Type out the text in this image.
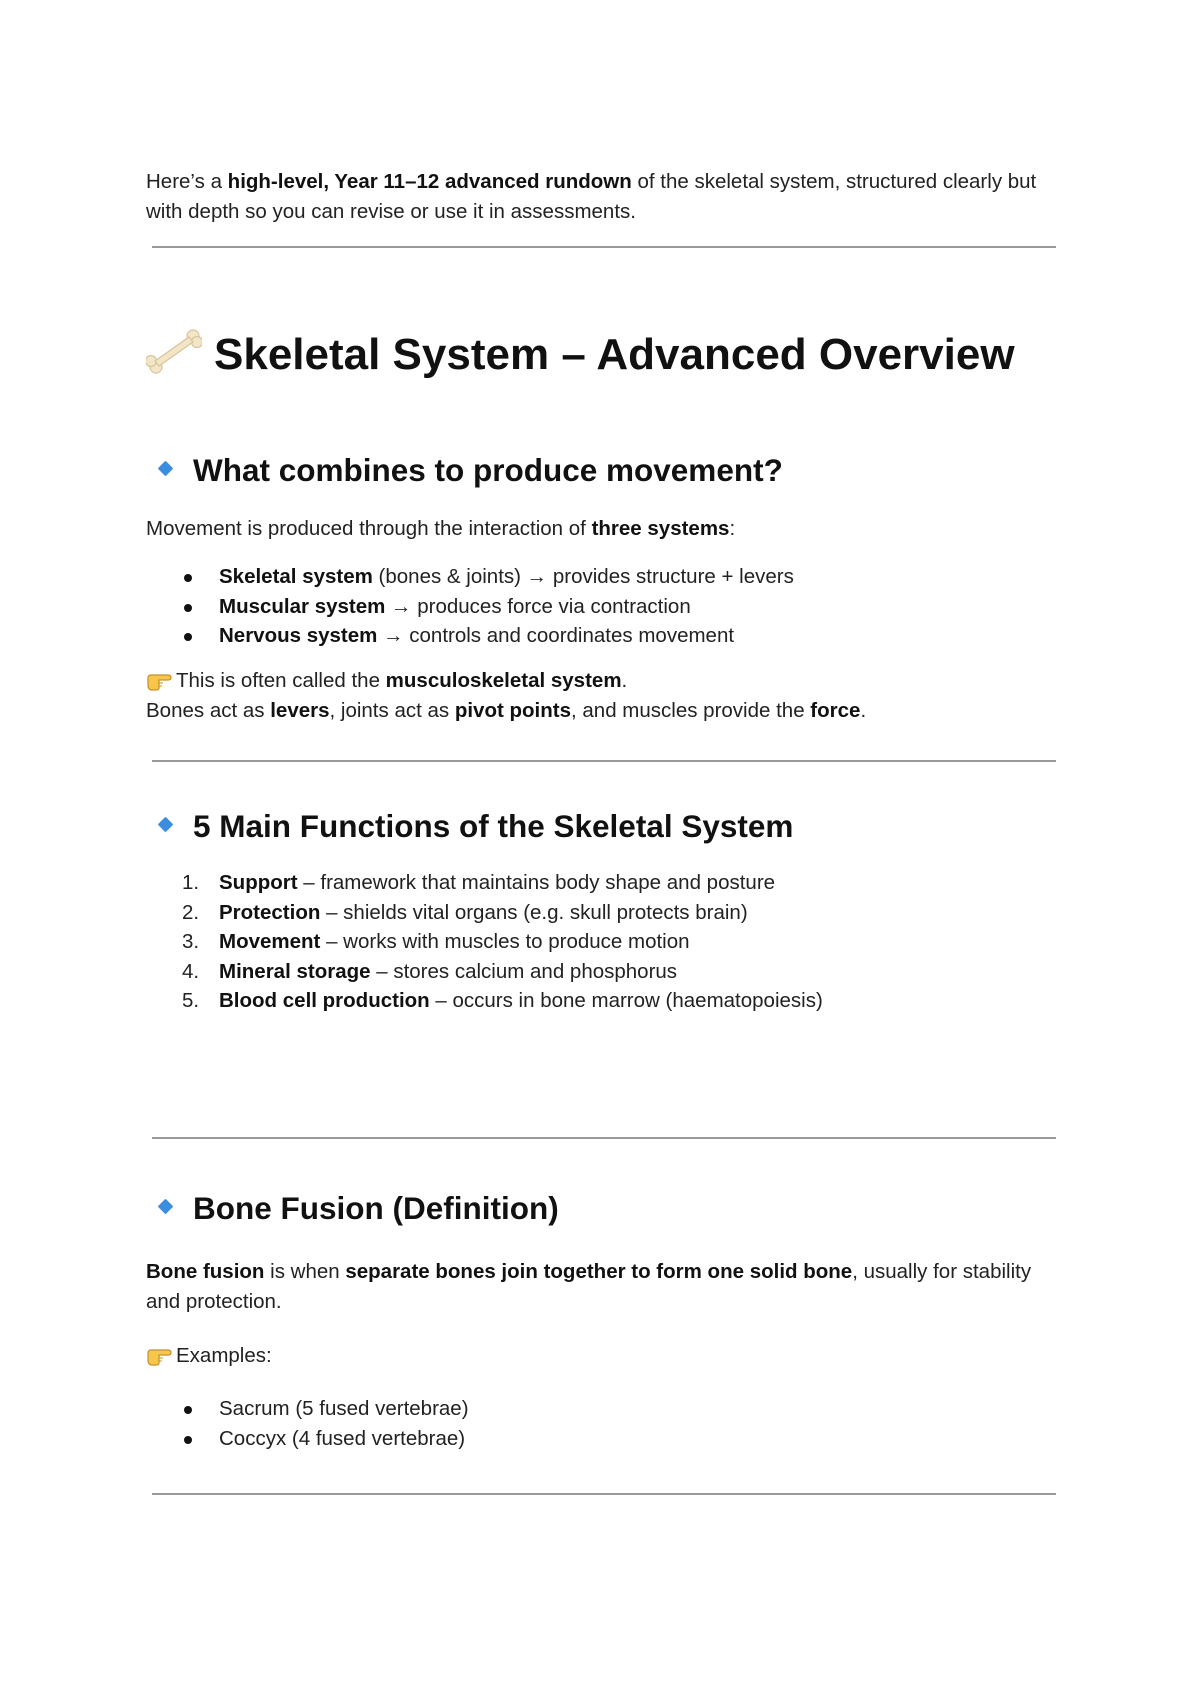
Here’s a high-level, Year 11–12 advanced rundown of the skeletal system, structured clearly but with depth so you can revise or use it in assessments.

Skeletal System – Advanced Overview
What combines to produce movement?

Movement is produced through the interaction of three systems:

Skeletal system (bones & joints) → provides structure + levers
Muscular system → produces force via contraction
Nervous system → controls and coordinates movement

This is often called the musculoskeletal system.

Bones act as levers, joints act as pivot points, and muscles provide the force.

5 Main Functions of the Skeletal System
1. Support – framework that maintains body shape and posture
2. Protection – shields vital organs (e.g. skull protects brain)
3. Movement – works with muscles to produce motion
4. Mineral storage – stores calcium and phosphorus
5. Blood cell production – occurs in bone marrow (haematopoiesis)
Bone Fusion (Definition)

Bone fusion is when separate bones join together to form one solid bone, usually for stability and protection.

Examples:

Sacrum (5 fused vertebrae)
Coccyx (4 fused vertebrae)
